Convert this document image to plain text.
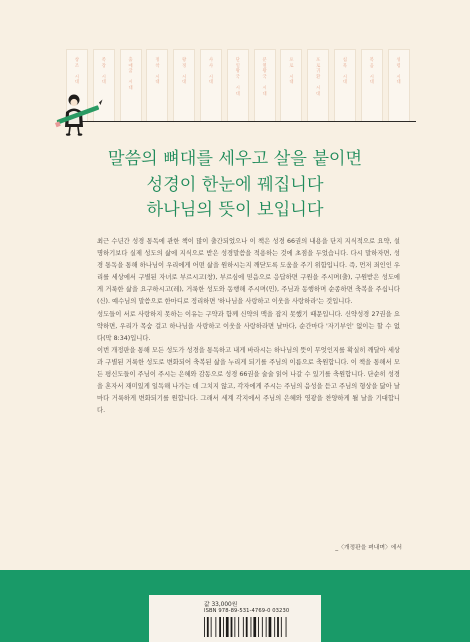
창
조

시
대
족
장

시
대
출
애
굽

시
대
정
착

시
대
왕
정

시
대
사
사

시
대
단
일
왕
국

시
대
분
열
왕
국

시
대
포
로

시
대
포
로
귀
환

시
대
침
묵

시
대
복
음

시
대
성
령

시
대
말씀의 뼈대를 세우고 살을 붙이면
성경이 한눈에 꿰집니다
하나님의 뜻이 보입니다

최근 수년간 성경 통독에 관한 책이 많이 출간되었으나 이 책은 성경 66권의 내용을 단지 지식적으로 요약, 설명하기보다 실제 성도의 삶에 지식으로 받은 성경말씀을 적용하는 것에 초점을 두었습니다. 다시 말하자면, 성경 통독을 통해 하나님이 우리에게 어떤 삶을 원하시는지 깨닫도록 도움을 주기 위함입니다. 즉, 먼저 죄인인 우리를 세상에서 구별된 자녀로 부르시고(창), 부르심에 믿음으로 응답하면 구원을 주시며(출), 구원받은 성도에게 거룩한 삶을 요구하시고(레), 거룩한 성도와 동행해 주시며(민), 주님과 동행하며 순종하면 축복을 주십니다(신). 예수님의 말씀으로 한마디로 정리하면 '하나님을 사랑하고 이웃을 사랑하라'는 것입니다.

성도들이 서로 사랑하지 못하는 이유는 구약과 함께 신약의 맥을 잡지 못했기 때문입니다. 신약성경 27권을 요약하면, 우리가 목숨 걸고 하나님을 사랑하고 이웃을 사랑하라면 날마다, 순간마다 '자기부인' 없이는 할 수 없다(막 8:34)입니다.

이번 개정판을 통해 모든 성도가 성경을 통독하고 내게 바라시는 하나님의 뜻이 무엇인지를 확실히 깨달아 세상과 구별된 거룩한 성도로 변화되어 축복된 삶을 누리게 되기를 주님의 이름으로 축원합니다. 이 책을 통해서 모든 평신도들이 주님이 주시는 은혜와 감동으로 성경 66권을 술술 읽어 나갈 수 있기를 축원합니다. 단순히 성경을 혼자서 재미있게 일독해 나가는 데 그치지 않고, 각자에게 주시는 주님의 음성을 듣고 주님의 형상을 닮아 날마다 거룩하게 변화되기를 원합니다. 그래서 세계 각지에서 주님의 은혜와 영광을 찬양하게 될 날을 기대합니다.

_〈개정판을 펴내며〉에서
값 33,000원
ISBN 978-89-531-4769-0 03230
